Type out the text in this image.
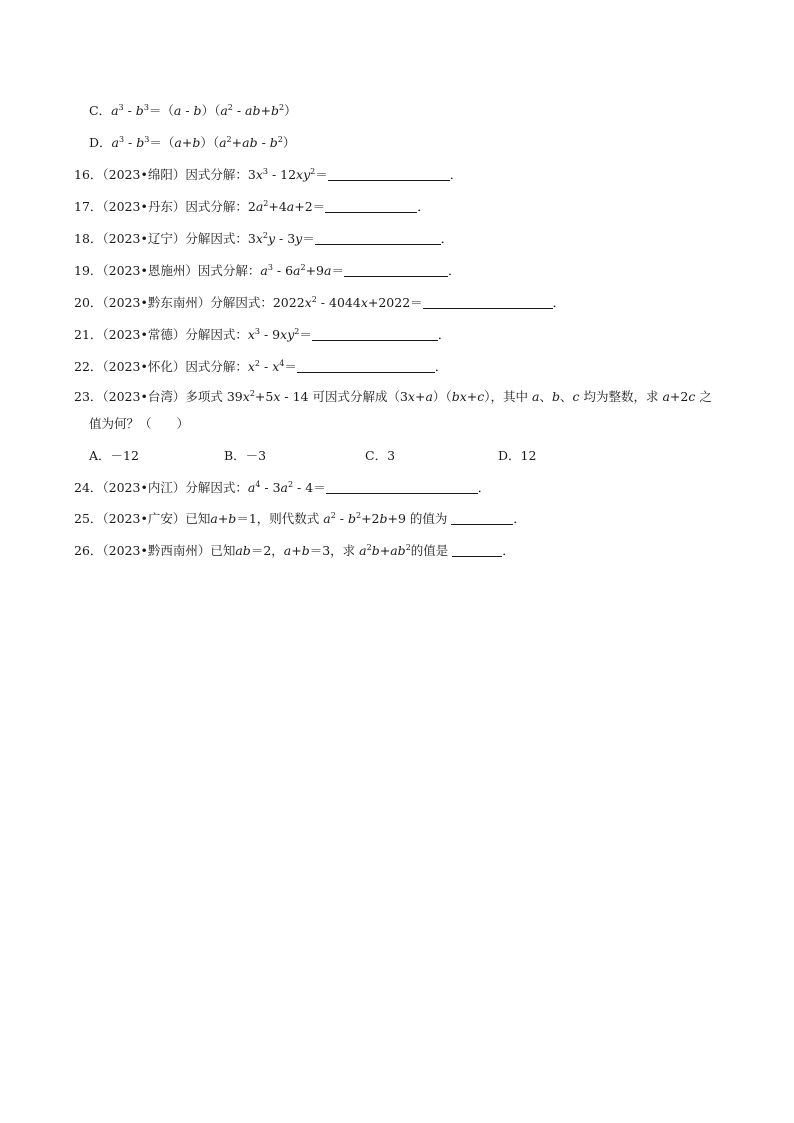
C．$a^3 - b^3=(a - b)(a^2 - ab+b^2)$
D．$a^3 - b^3=(a+b)(a^2+ab - b^2)$
16．（2023•绵阳）因式分解：$3x^3 - 12xy^2=$	．
17．（2023•丹东）因式分解：$2a^2+4a+2=$	．
18．（2023•辽宁）分解因式：$3x^2y - 3y=$	．
19．（2023•恩施州）因式分解：$a^3 - 6a^2+9a=$	．
20．（2023•黔东南州）分解因式：$2022x^2 - 4044x+2022=$	．
21．（2023•常德）分解因式：$x^3 - 9xy^2=$	．
22．（2023•怀化）因式分解：$x^2 - x^4=$	．
23．（2023•台湾）多项式 $39x^2+5x - 14$ 可因式分解成（3x+a）（bx+c），其中 a、b、c 均为整数，求 a+2c 之
值为何？（　　）
A．－12	B．－3	C．3	D．12
24．（2023•内江）分解因式：$a^4 - 3a^2 - 4=$	．
25．（2023•广安）已知a+b＝1，则代数式 $a^2 - b^2+2b+9$ 的值为	．
26．（2023•黔西南州）已知ab＝2，a+b＝3，求 $a^2b+ab^2$的值是	．
